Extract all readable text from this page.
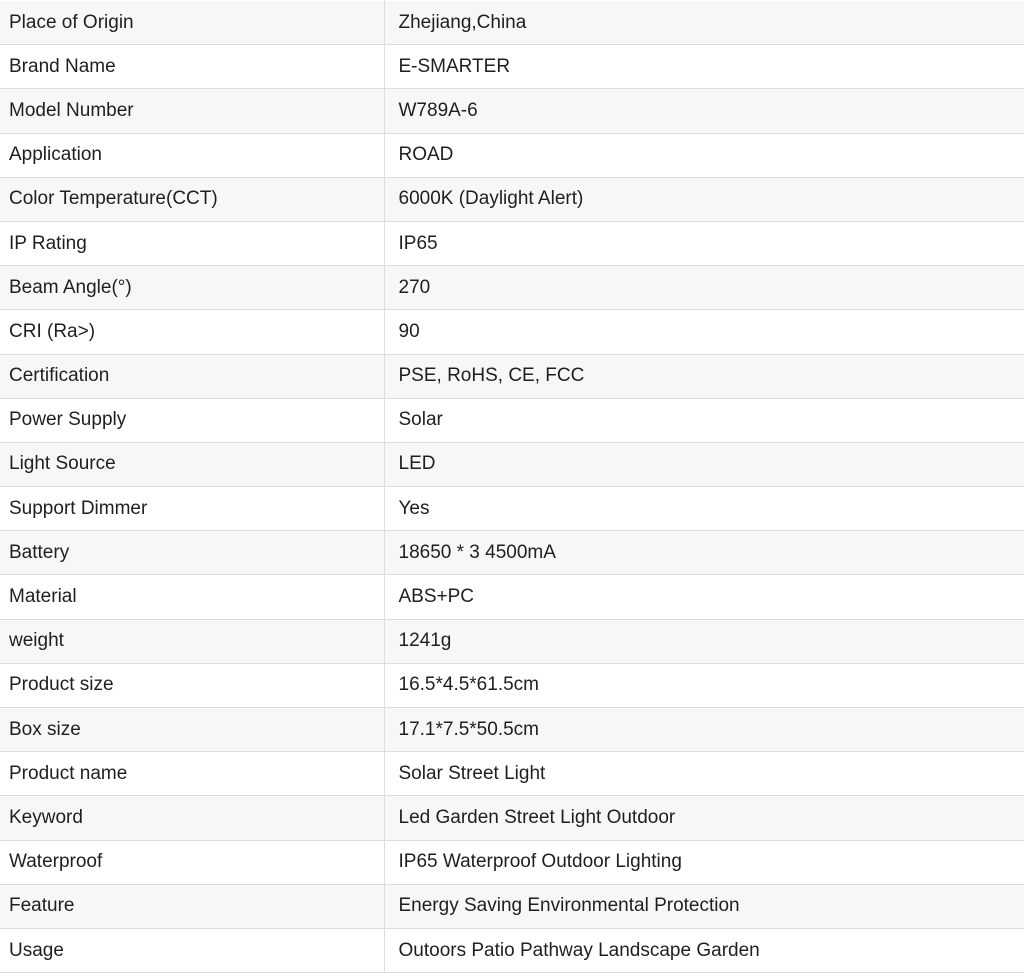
Place of Origin	Zhejiang,China
Brand Name	E-SMARTER
Model Number	W789A-6
Application	ROAD
Color Temperature(CCT)	6000K (Daylight Alert)
IP Rating	IP65
Beam Angle(°)	270
CRI (Ra>)	90
Certification	PSE, RoHS, CE, FCC
Power Supply	Solar
Light Source	LED
Support Dimmer	Yes
Battery	18650 * 3 4500mA
Material	ABS+PC
weight	1241g
Product size	16.5*4.5*61.5cm
Box size	17.1*7.5*50.5cm
Product name	Solar Street Light
Keyword	Led Garden Street Light Outdoor
Waterproof	IP65 Waterproof Outdoor Lighting
Feature	Energy Saving Environmental Protection
Usage	Outoors Patio Pathway Landscape Garden
